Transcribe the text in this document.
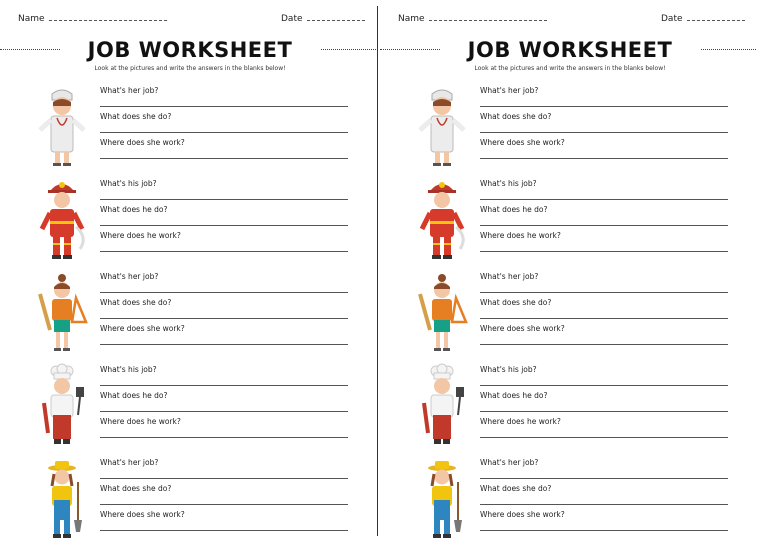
Name	Date
JOB WORKSHEET
Look at the pictures and write the answers in the blanks below!
What's her job?
What does she do?
Where does she work?
What's his job?
What does he do?
Where does he work?
What's her job?
What does she do?
Where does she work?
What's his job?
What does he do?
Where does he work?
What's her job?
What does she do?
Where does she work?
Name	Date
JOB WORKSHEET
Look at the pictures and write the answers in the blanks below!
What's her job?
What does she do?
Where does she work?
What's his job?
What does he do?
Where does he work?
What's her job?
What does she do?
Where does she work?
What's his job?
What does he do?
Where does he work?
What's her job?
What does she do?
Where does she work?
